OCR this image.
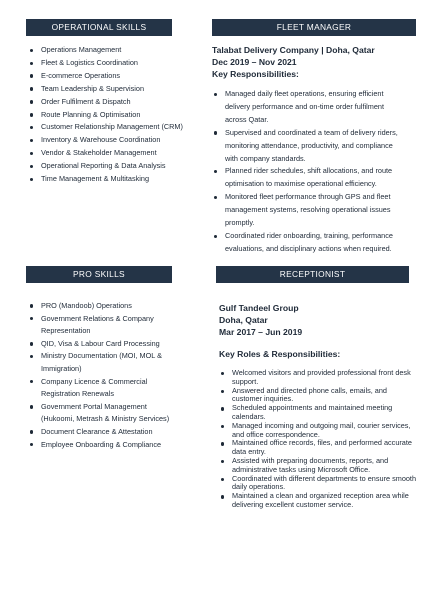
OPERATIONAL SKILLS
Operations Management
Fleet & Logistics Coordination
E-commerce Operations
Team Leadership & Supervision
Order Fulfilment & Dispatch
Route Planning & Optimisation
Customer Relationship Management (CRM)
Inventory & Warehouse Coordination
Vendor & Stakeholder Management
Operational Reporting & Data Analysis
Time Management & Multitasking
PRO SKILLS
PRO (Mandoob) Operations
Government Relations & Company Representation
QID, Visa & Labour Card Processing
Ministry Documentation (MOI, MOL & Immigration)
Company Licence & Commercial Registration Renewals
Government Portal Management (Hukoomi, Metrash & Ministry Services)
Document Clearance & Attestation
Employee Onboarding & Compliance
FLEET MANAGER
Talabat Delivery Company | Doha, Qatar
Dec 2019 – Nov 2021
Key Responsibilities:
Managed daily fleet operations, ensuring efficient delivery performance and on-time order fulfilment across Qatar.
Supervised and coordinated a team of delivery riders, monitoring attendance, productivity, and compliance with company standards.
Planned rider schedules, shift allocations, and route optimisation to maximise operational efficiency.
Monitored fleet performance through GPS and fleet management systems, resolving operational issues promptly.
Coordinated rider onboarding, training, performance evaluations, and disciplinary actions when required.
RECEPTIONIST
Gulf Tandeel Group
Doha, Qatar
Mar 2017 – Jun 2019
Key Roles & Responsibilities:
Welcomed visitors and provided professional front desk support.
Answered and directed phone calls, emails, and customer inquiries.
Scheduled appointments and maintained meeting calendars.
Managed incoming and outgoing mail, courier services, and office correspondence.
Maintained office records, files, and performed accurate data entry.
Assisted with preparing documents, reports, and administrative tasks using Microsoft Office.
Coordinated with different departments to ensure smooth daily operations.
Maintained a clean and organized reception area while delivering excellent customer service.
